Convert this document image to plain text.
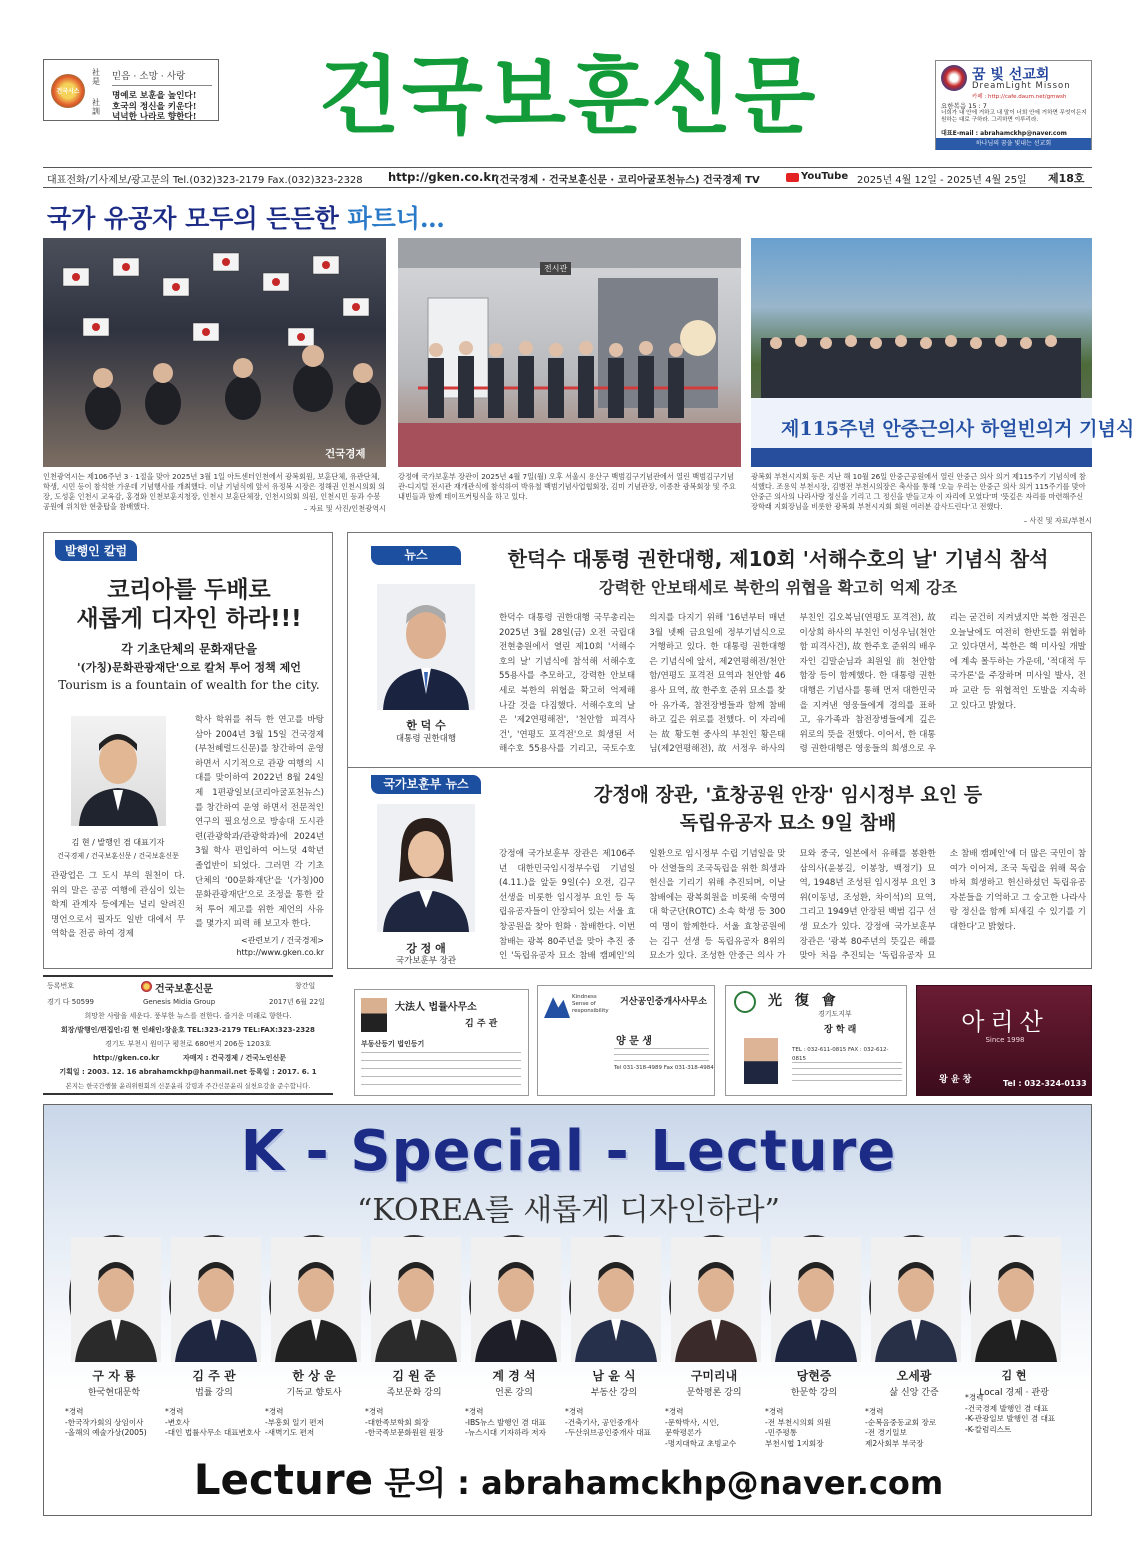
건국시스
社是
社訓
믿음 · 소망 · 사랑
명예로 보훈을 높인다!
호국의 정신을 키운다!
넉넉한 나라로 향한다! 건국보훈신문	꿈 빛 선교회
DreamLight Misson
카페 : http://cafe.daum.net/gmwsh
요한복음 15 : 7
너희가 내 안에 거하고 내 말이 너희 안에 거하면 무엇이든지 원하는 대로 구하라. 그리하면 이루리라.
대표E-mail : abrahamckhp@naver.com
하나님의 꿈을 빛내는 선교회
대표전화/기사제보/광고문의 Tel.(032)323-2179 Fax.(032)323-2328 http://gken.co.kr
(건국경제 · 건국보훈신문 · 코리아굴포천뉴스) 건국경제 TV	YouTube 2025년 4월 12일 - 2025년 4월 25일 제18호
국가 유공자 모두의 든든한 파트너…
건국경제
인천광역시는 제106주년 3 · 1절을 맞아 2025년 3월 1일 아트센터인천에서 광복회원, 보훈단체, 유관단체, 학생, 시민 등이 참석한 가운데 기념행사를 개최했다. 이날 기념식에 앞서 유정복 시장은 정해권 인천시의회 의장, 도성훈 인천시 교육감, 홍경화 인천보훈지청장, 인천시 보훈단체장, 인천시의회 의원, 인천시민 등과 수봉공원에 위치한 현충탑을 참배했다.	– 자료 및 사진/인천광역시
전시관
강정애 국가보훈부 장관이 2025년 4월 7일(월) 오후 서울시 용산구 백범김구기념관에서 열린 백범김구기념관-디지털 전시관 재개관식에 참석하여 박유철 백범기념사업협회장, 김미 기념관장, 이종찬 광복회장 및 주요내빈들과 함께 테이프커팅식을 하고 있다.
제115주년 안중근의사 하얼빈의거 기념식
광복회 부천시지회 등은 지난 해 10월 26일 안중근공원에서 열린 안중근 의사 의거 제115주기 기념식에 참석했다. 조용익 부천시장, 김병전 부천시의장은 축사를 통해 '오늘 우리는 안중근 의사 의거 115주기를 맞아 안중근 의사의 나라사랑 정신을 기리고 그 정신을 받들고자 이 자리에 모였다'며 '뜻깊은 자리를 마련해주신 장학래 지회장님을 비롯한 광복회 부천시지회 회원 여러분 감사드린다'고 전했다.
– 사진 및 자료/부천시
발행인 칼럼
코리아를 두배로
새롭게 디자인 하라!!!
각 기초단체의 문화재단을
'(가칭)문화관광재단'으로 칼처 투어 정책 제언
Tourism is a fountain of wealth for the city.
김 현 / 발행인 겸 대표기자
건국경제 / 건국보훈신문 / 건국보훈신문
학사 학위를 취득 한 연고를 바탕삼아 2004년 3월 15일 건국경제(부천혜럴드신문)를 창간하여 운영 하면서 시기적으로 관광 여행의 시대를 맞이하여 2022년 8월 24일 제 1편광일보(코리아굴포천뉴스)를 창간하여 운영 하면서 전문적인 연구의 필요성으로 방송대 도시관련(관광학과/관광학과)에 2024년 3월 학사 편입하여 어느덧 4학년 졸업반이 되었다. 그러면 각 기초단체의 '00문화재단'을 '(가칭)00문화관광재단'으로 조정을 통한 칼처 투어 제고를 위한 제언의 사유를 몇가지 피력 해 보고자 한다.
관광업은 그 도시 부의 원천이 다. 위의 말은 공공 여행에 관심이 있는 학계 관계자 등에게는 널리 알려진 명언으로서 필자도 일반 대에서 무역학을 전공 하여 경제
<관련보기 / 건국경제>
http://www.gken.co.kr
뉴스	한덕수 대통령 권한대행, 제10회 '서해수호의 날' 기념식 참석
강력한 안보태세로 북한의 위협을 확고히 억제 강조
한 덕 수
대통령 권한대행
한덕수 대통령 권한대행 국무총리는 2025년 3월 28일(금) 오전 국립대전현충원에서 열린 제10회 '서해수호의 날' 기념식에 참석해 서해수호 55용사를 추모하고, 강력한 안보태세로 북한의 위협을 확고히 억제해 나갈 것을 다짐했다. 서해수호의 날은 '제2연평해전', '천안함 피격사건', '연평도 포격전'으로 희생된 서해수호 55용사를 기리고, 국토수호 의지를 다지기 위해 '16년부터 매년 3월 넷째 금요일에 정부기념식으로 거행하고 있다. 한 대통령 권한대행은 기념식에 앞서, 제2연평해전/천안함/연평도 포격전 묘역과 천안함 46용사 묘역, 故 한주호 준위 묘소를 찾아 유가족, 참전장병들과 함께 참배하고 깊은 위로를 전했다. 이 자리에는 故 황도현 중사의 부친인 황은태님(제2연평해전), 故 서정우 하사의 부친인 김오복님(연평도 포격전), 故 이상희 하사의 부친인 이성우님(천안함 피격사건), 故 한주호 준위의 배우자인 김말순님과 최원일 前 천안함 함장 등이 함께했다. 한 대통령 권한대행은 기념사를 통해 먼저 대한민국을 지켜낸 영웅들에게 경의를 표하고, 유가족과 참전장병들에게 깊은 위로의 뜻을 전했다. 이어서, 한 대통령 권한대행은 영웅들의 희생으로 우리는 굳건히 지켜냈지만 북한 정권은 오늘날에도 여전히 한반도를 위협하고 있다면서, 북한은 핵 미사일 개발에 계속 몰두하는 가운데, '적대적 두 국가론'을 주장하며 미사일 발사, 전파 교란 등 위협적인 도발을 지속하고 있다고 밝혔다.
국가보훈부 뉴스	강정애 장관, '효창공원 안장' 임시정부 요인 등
독립유공자 묘소 9일 참배
강 정 애
국가보훈부 장관
강정애 국가보훈부 장관은 제106주년 대한민국임시정부수립 기념일(4.11.)을 앞둔 9일(수) 오전, 김구 선생을 비롯한 임시정부 요인 등 독립유공자들이 안장되어 있는 서울 효창공원을 찾아 헌화 · 참배한다. 이번 참배는 광복 80주년을 맞아 추진 중인 '독립유공자 묘소 참배 캠페인'의 일환으로 임시정부 수립 기념일을 맞아 선열들의 조국독립을 위한 희생과 헌신을 기리기 위해 추진되며, 이날 참배에는 광복회원을 비롯해 숙명여대 학군단(ROTC) 소속 학생 등 300여 명이 함께한다. 서울 효창공원에는 김구 선생 등 독립유공자 8위의 묘소가 있다. 조성한 안중근 의사 가묘와 중국, 일본에서 유해를 봉환한 삼의사(윤봉길, 이봉창, 백정기) 묘역, 1948년 조성된 임시정부 요인 3위(이동녕, 조성환, 차이석)의 묘역, 그리고 1949년 안장된 백범 김구 선생 묘소가 있다. 강정애 국가보훈부 장관은 '광복 80주년의 뜻깊은 해를 맞아 처음 추진되는 '독립유공자 묘소 참배 캠페인'에 더 많은 국민이 참여가 이어져, 조국 독립을 위해 목숨 바쳐 희생하고 헌신하셨던 독립유공자분들을 기억하고 그 숭고한 나라사랑 정신을 함께 되새길 수 있기를 기대한다'고 밝혔다.
등록번호	건국보훈신문	창간일
경기 다 50599	Genesis Midia Group	2017년 6월 22일
희망찬 사람을 세운다. 풍부한 뉴스를 전한다. 즐거운 미래로 향한다.
회장/발행인/편집인:김 현 인쇄인:장윤호 TEL:323-2179 TEL:FAX:323-2328
경기도 부천시 원미구 평천로 680번지 206동 1203호
http://gken.co.kr	자매지 : 건국경제 / 건국노인신문
기획일 : 2003. 12. 16 abrahamckhp@hanmail.net 등록일 : 2017. 6. 1
본지는 한국간행물 윤리위원회의 신문윤리 강령과 주간신문윤리 실천요강을 준수합니다.
大法人 법률사무소
김 주 관
부동산등기 법인등기
Kindness Sense of responsibility
거산공인중개사사무소
양 문 생
Tel 031-318-4989 Fax 031-318-4984
光 復 會
경기도지부
장 학 래
TEL : 032-611-0815 FAX : 032-612-0815
아리산
Since 1998
왕 윤 창	Tel : 032-324-0133
K - Special - Lecture
“KOREA를 새롭게 디자인하라”
구 자 룡
한국현대문학
*경력
-한국작가회의 상임이사
-올해의 예술가상(2005)
김 주 관
법률 강의
*경력
-변호사
-대인 법률사무소 대표변호사
한 상 운
기독교 향토사
*경력
-부흥회 일기 편저
-새벽기도 편저
김 원 준
족보문화 강의
*경력
-대한족보학회 회장
-한국족보문화원원 원장
계 경 석
언론 강의
*경력
-IBS뉴스 발행인 겸 대표
-뉴스시대 기자하라 저자
남 윤 식
부동산 강의
*경력
-건축기사, 공인중개사
-두산위브공인중개사 대표
구미리내
문학평론 강의
*경력
-문학박사, 시인,
문학평론가
-명지대학교 초빙교수
당현증
한문학 강의
*경력
-전 부천시의회 의원
-민주평통
부천시협 1지회장
오세광
삶 신앙 간증
*경력
-순복음중동교회 장로
-전 경기일보
제2사회부 부국장
김 현
Local 경제 · 관광
*경력
-건국경제 발행인 겸 대표
-K-관광일보 발행인 겸 대표
-K-칼럼리스트
Lecture 문의 : abrahamckhp@naver.com
